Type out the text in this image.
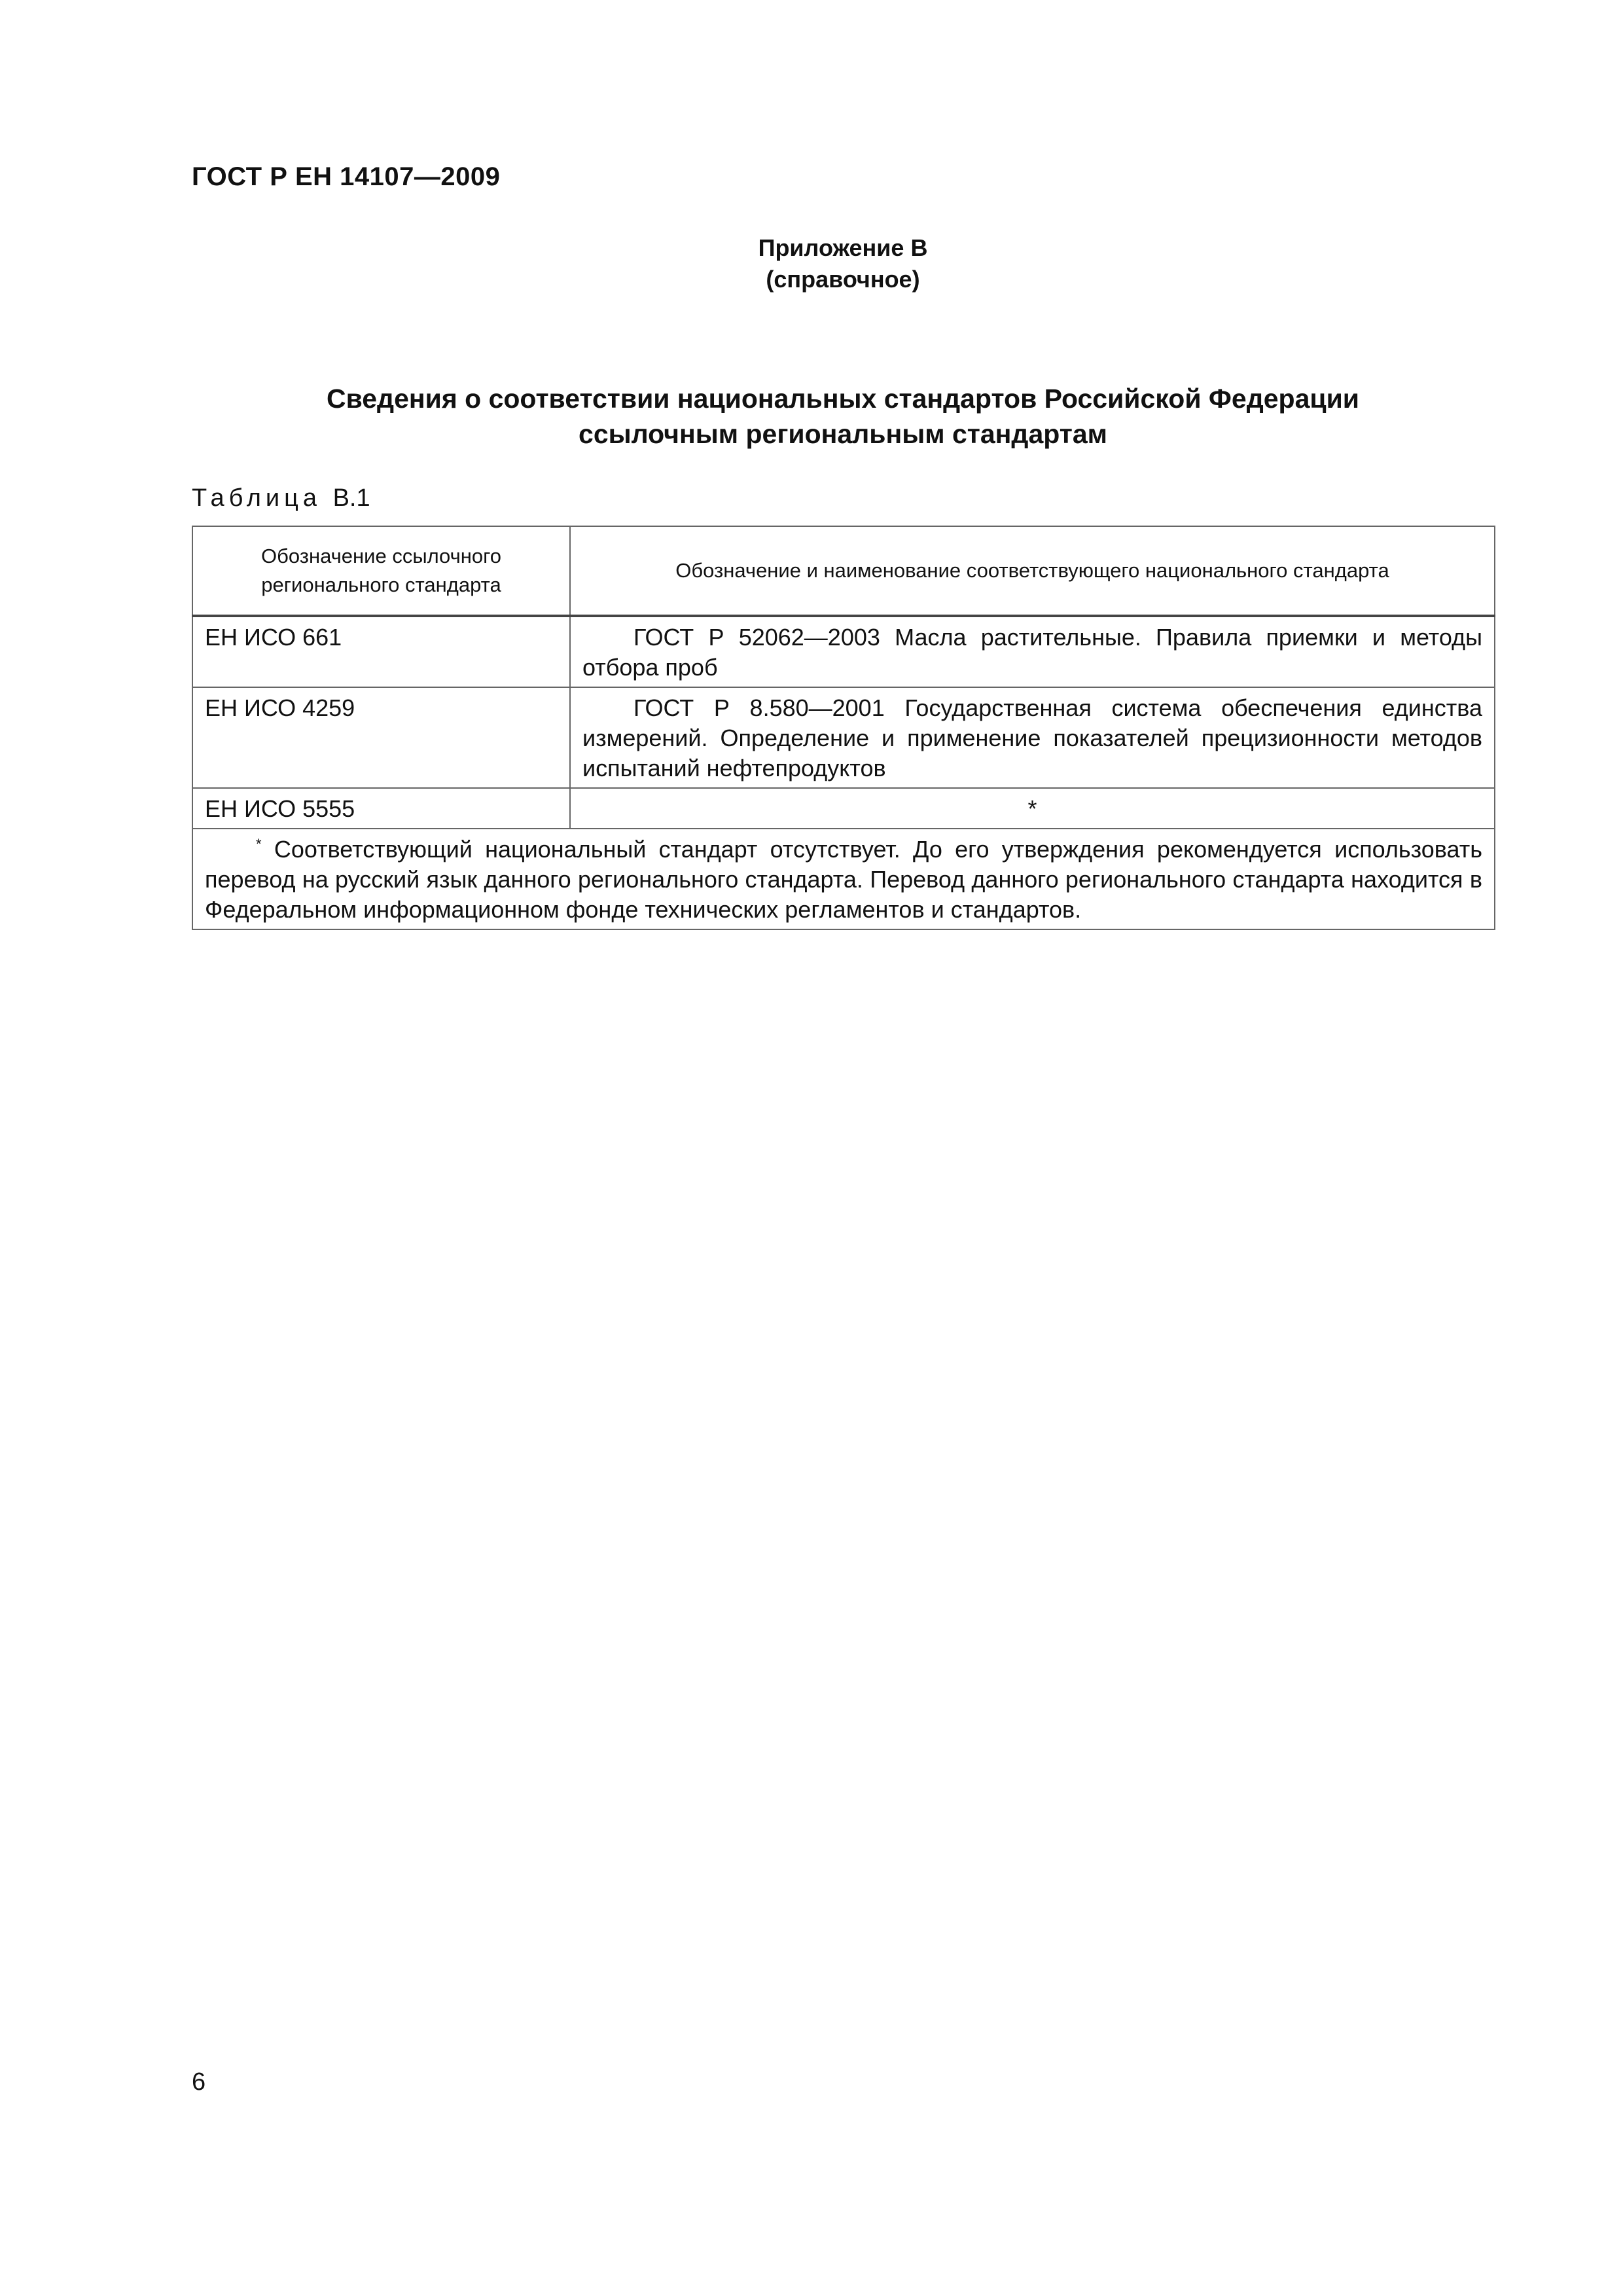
ГОСТ Р ЕН 14107—2009
Приложение В
(справочное)
Сведения о соответствии национальных стандартов Российской Федерации
ссылочным региональным стандартам
Таблица В.1
Обозначение ссылочного регионального стандарта	Обозначение и наименование соответствующего национального стандарта
ЕН ИСО 661	ГОСТ Р 52062—2003 Масла растительные. Правила приемки и методы отбора проб
ЕН ИСО 4259	ГОСТ Р 8.580—2001 Государственная система обеспечения единства измерений. Определение и применение показателей прецизионности методов испытаний нефтепродуктов
ЕН ИСО 5555	*
* Соответствующий национальный стандарт отсутствует. До его утверждения рекомендуется использовать перевод на русский язык данного регионального стандарта. Перевод данного регионального стандарта находится в Федеральном информационном фонде технических регламентов и стандартов.	
6
